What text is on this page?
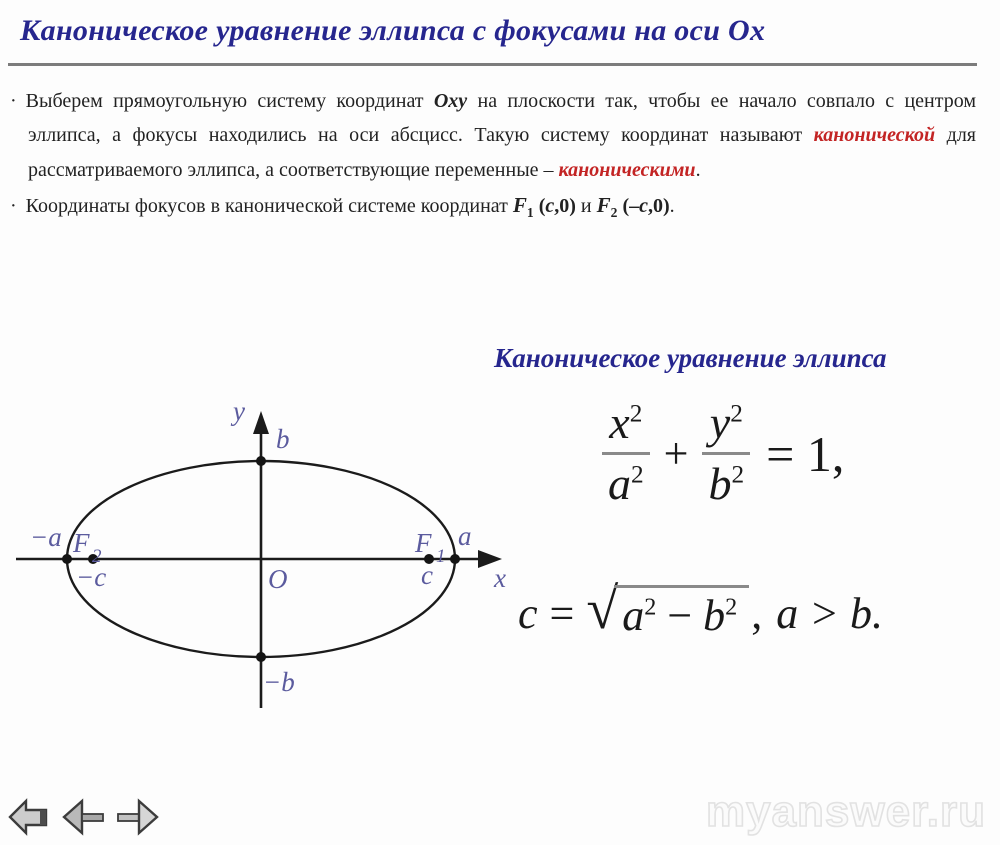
Каноническое уравнение эллипса с фокусами на оси Ox

· Выберем прямоугольную систему координат Oxy на плоскости так, чтобы ее начало совпало с центром эллипса, а фокусы находились на оси абсцисс. Такую систему координат называют канонической для рассматриваемого эллипса, а соответствующие переменные – каноническими.

· Координаты фокусов в канонической системе координат $F_1$ (c,0) и $F_2$ (–c,0).

Каноническое уравнение эллипса
$\frac{x^2}{a^2} + \frac{y^2}{b^2} = 1$,
c = √ $a^2 - b^2$ , a > b.
y
b
−a F 2
−c	O
F 1
c
a
x
−b
myanswer.ru
